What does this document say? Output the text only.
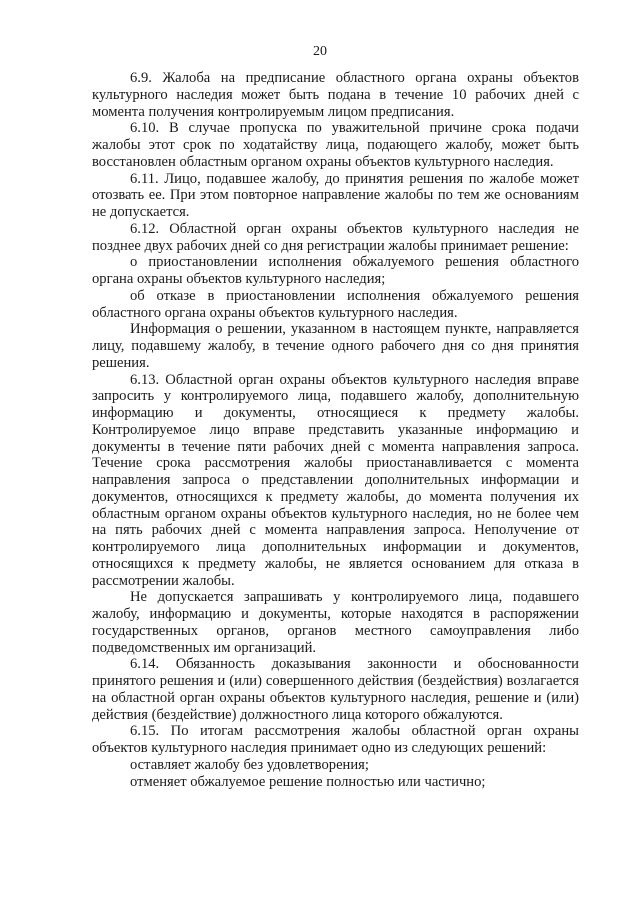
20

6.9. Жалоба на предписание областного органа охраны объектов культурного наследия может быть подана в течение 10 рабочих дней с момента получения контролируемым лицом предписания.

6.10. В случае пропуска по уважительной причине срока подачи жалобы этот срок по ходатайству лица, подающего жалобу, может быть восстановлен областным органом охраны объектов культурного наследия.

6.11. Лицо, подавшее жалобу, до принятия решения по жалобе может отозвать ее. При этом повторное направление жалобы по тем же основаниям не допускается.

6.12. Областной орган охраны объектов культурного наследия не позднее двух рабочих дней со дня регистрации жалобы принимает решение:

о приостановлении исполнения обжалуемого решения областного органа охраны объектов культурного наследия;

об отказе в приостановлении исполнения обжалуемого решения областного органа охраны объектов культурного наследия.

Информация о решении, указанном в настоящем пункте, направляется лицу, подавшему жалобу, в течение одного рабочего дня со дня принятия решения.

6.13. Областной орган охраны объектов культурного наследия вправе запросить у контролируемого лица, подавшего жалобу, дополнительную информацию и документы, относящиеся к предмету жалобы. Контролируемое лицо вправе представить указанные информацию и документы в течение пяти рабочих дней с момента направления запроса. Течение срока рассмотрения жалобы приостанавливается с момента направления запроса о представлении дополнительных информации и документов, относящихся к предмету жалобы, до момента получения их областным органом охраны объектов культурного наследия, но не более чем на пять рабочих дней с момента направления запроса. Неполучение от контролируемого лица дополнительных информации и документов, относящихся к предмету жалобы, не является основанием для отказа в рассмотрении жалобы.

Не допускается запрашивать у контролируемого лица, подавшего жалобу, информацию и документы, которые находятся в распоряжении государственных органов, органов местного самоуправления либо подведомственных им организаций.

6.14. Обязанность доказывания законности и обоснованности принятого решения и (или) совершенного действия (бездействия) возлагается на областной орган охраны объектов культурного наследия, решение и (или) действия (бездействие) должностного лица которого обжалуются.

6.15. По итогам рассмотрения жалобы областной орган охраны объектов культурного наследия принимает одно из следующих решений:

оставляет жалобу без удовлетворения;

отменяет обжалуемое решение полностью или частично;
